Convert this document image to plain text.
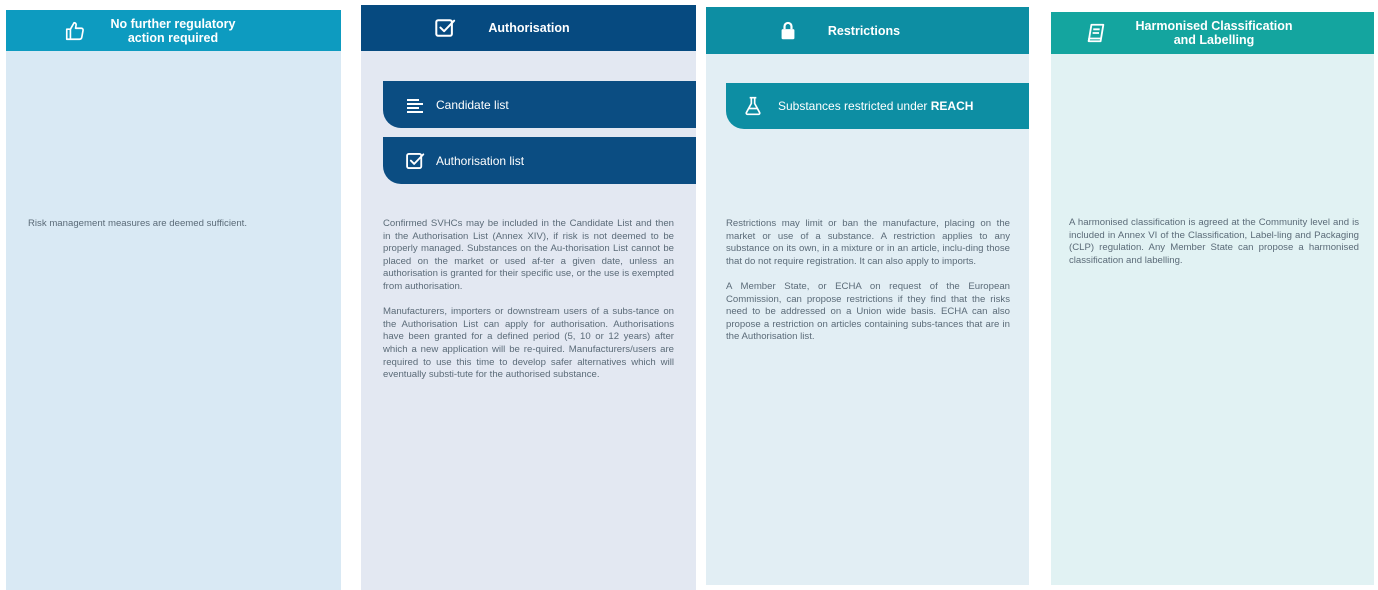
No further regulatory
action required

Risk management measures are deemed sufficient.

Authorisation
Candidate list
Authorisation list

Confirmed SVHCs may be included in the Candidate List and then in the Authorisation List (Annex XIV), if risk is not deemed to be properly managed. Substances on the Au-thorisation List cannot be placed on the market or used af-ter a given date, unless an authorisation is granted for their specific use, or the use is exempted from authorisation.

Manufacturers, importers or downstream users of a subs-tance on the Authorisation List can apply for authorisation. Authorisations have been granted for a defined period (5, 10 or 12 years) after which a new application will be re-quired. Manufacturers/users are required to use this time to develop safer alternatives which will eventually substi-tute for the authorised substance.

Restrictions
Substances restricted under REACH

Restrictions may limit or ban the manufacture, placing on the market or use of a substance. A restriction applies to any substance on its own, in a mixture or in an article, inclu-ding those that do not require registration. It can also apply to imports.

A Member State, or ECHA on request of the European Commission, can propose restrictions if they find that the risks need to be addressed on a Union wide basis. ECHA can also propose a restriction on articles containing subs-tances that are in the Authorisation list.

Harmonised Classification
and Labelling

A harmonised classification is agreed at the Community level and is included in Annex VI of the Classification, Label-ling and Packaging (CLP) regulation. Any Member State can propose a harmonised classification and labelling.
